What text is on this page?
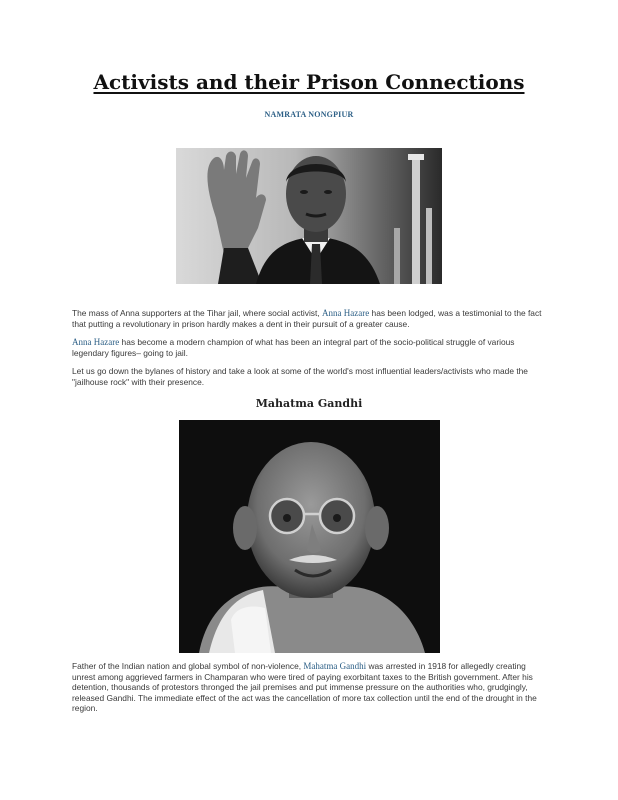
Activists and their Prison Connections
NAMRATA NONGPIUR

The mass of Anna supporters at the Tihar jail, where social activist, Anna Hazare has been lodged, was a testimonial to the fact that putting a revolutionary in prison hardly makes a dent in their pursuit of a greater cause.

Anna Hazare has become a modern champion of what has been an integral part of the socio-political struggle of various legendary figures– going to jail.

Let us go down the bylanes of history and take a look at some of the world's most influential leaders/activists who made the "jailhouse rock" with their presence.

Mahatma Gandhi

Father of the Indian nation and global symbol of non-violence, Mahatma Gandhi was arrested in 1918 for allegedly creating unrest among aggrieved farmers in Champaran who were tired of paying exorbitant taxes to the British government. After his detention, thousands of protestors thronged the jail premises and put immense pressure on the authorities who, grudgingly, released Gandhi. The immediate effect of the act was the cancellation of more tax collection until the end of the drought in the region.
